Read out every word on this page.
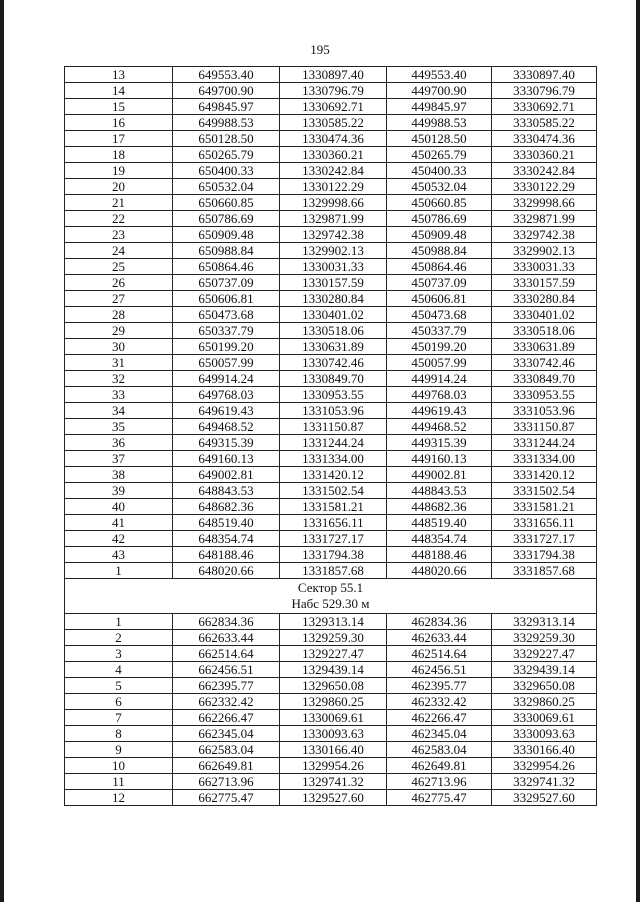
195
13	649553.40	1330897.40	449553.40	3330897.40
14	649700.90	1330796.79	449700.90	3330796.79
15	649845.97	1330692.71	449845.97	3330692.71
16	649988.53	1330585.22	449988.53	3330585.22
17	650128.50	1330474.36	450128.50	3330474.36
18	650265.79	1330360.21	450265.79	3330360.21
19	650400.33	1330242.84	450400.33	3330242.84
20	650532.04	1330122.29	450532.04	3330122.29
21	650660.85	1329998.66	450660.85	3329998.66
22	650786.69	1329871.99	450786.69	3329871.99
23	650909.48	1329742.38	450909.48	3329742.38
24	650988.84	1329902.13	450988.84	3329902.13
25	650864.46	1330031.33	450864.46	3330031.33
26	650737.09	1330157.59	450737.09	3330157.59
27	650606.81	1330280.84	450606.81	3330280.84
28	650473.68	1330401.02	450473.68	3330401.02
29	650337.79	1330518.06	450337.79	3330518.06
30	650199.20	1330631.89	450199.20	3330631.89
31	650057.99	1330742.46	450057.99	3330742.46
32	649914.24	1330849.70	449914.24	3330849.70
33	649768.03	1330953.55	449768.03	3330953.55
34	649619.43	1331053.96	449619.43	3331053.96
35	649468.52	1331150.87	449468.52	3331150.87
36	649315.39	1331244.24	449315.39	3331244.24
37	649160.13	1331334.00	449160.13	3331334.00
38	649002.81	1331420.12	449002.81	3331420.12
39	648843.53	1331502.54	448843.53	3331502.54
40	648682.36	1331581.21	448682.36	3331581.21
41	648519.40	1331656.11	448519.40	3331656.11
42	648354.74	1331727.17	448354.74	3331727.17
43	648188.46	1331794.38	448188.46	3331794.38
1	648020.66	1331857.68	448020.66	3331857.68

Сектор 55.1
Набс 529.30 м				

1	662834.36	1329313.14	462834.36	3329313.14
2	662633.44	1329259.30	462633.44	3329259.30
3	662514.64	1329227.47	462514.64	3329227.47
4	662456.51	1329439.14	462456.51	3329439.14
5	662395.77	1329650.08	462395.77	3329650.08
6	662332.42	1329860.25	462332.42	3329860.25
7	662266.47	1330069.61	462266.47	3330069.61
8	662345.04	1330093.63	462345.04	3330093.63
9	662583.04	1330166.40	462583.04	3330166.40
10	662649.81	1329954.26	462649.81	3329954.26
11	662713.96	1329741.32	462713.96	3329741.32
12	662775.47	1329527.60	462775.47	3329527.60
